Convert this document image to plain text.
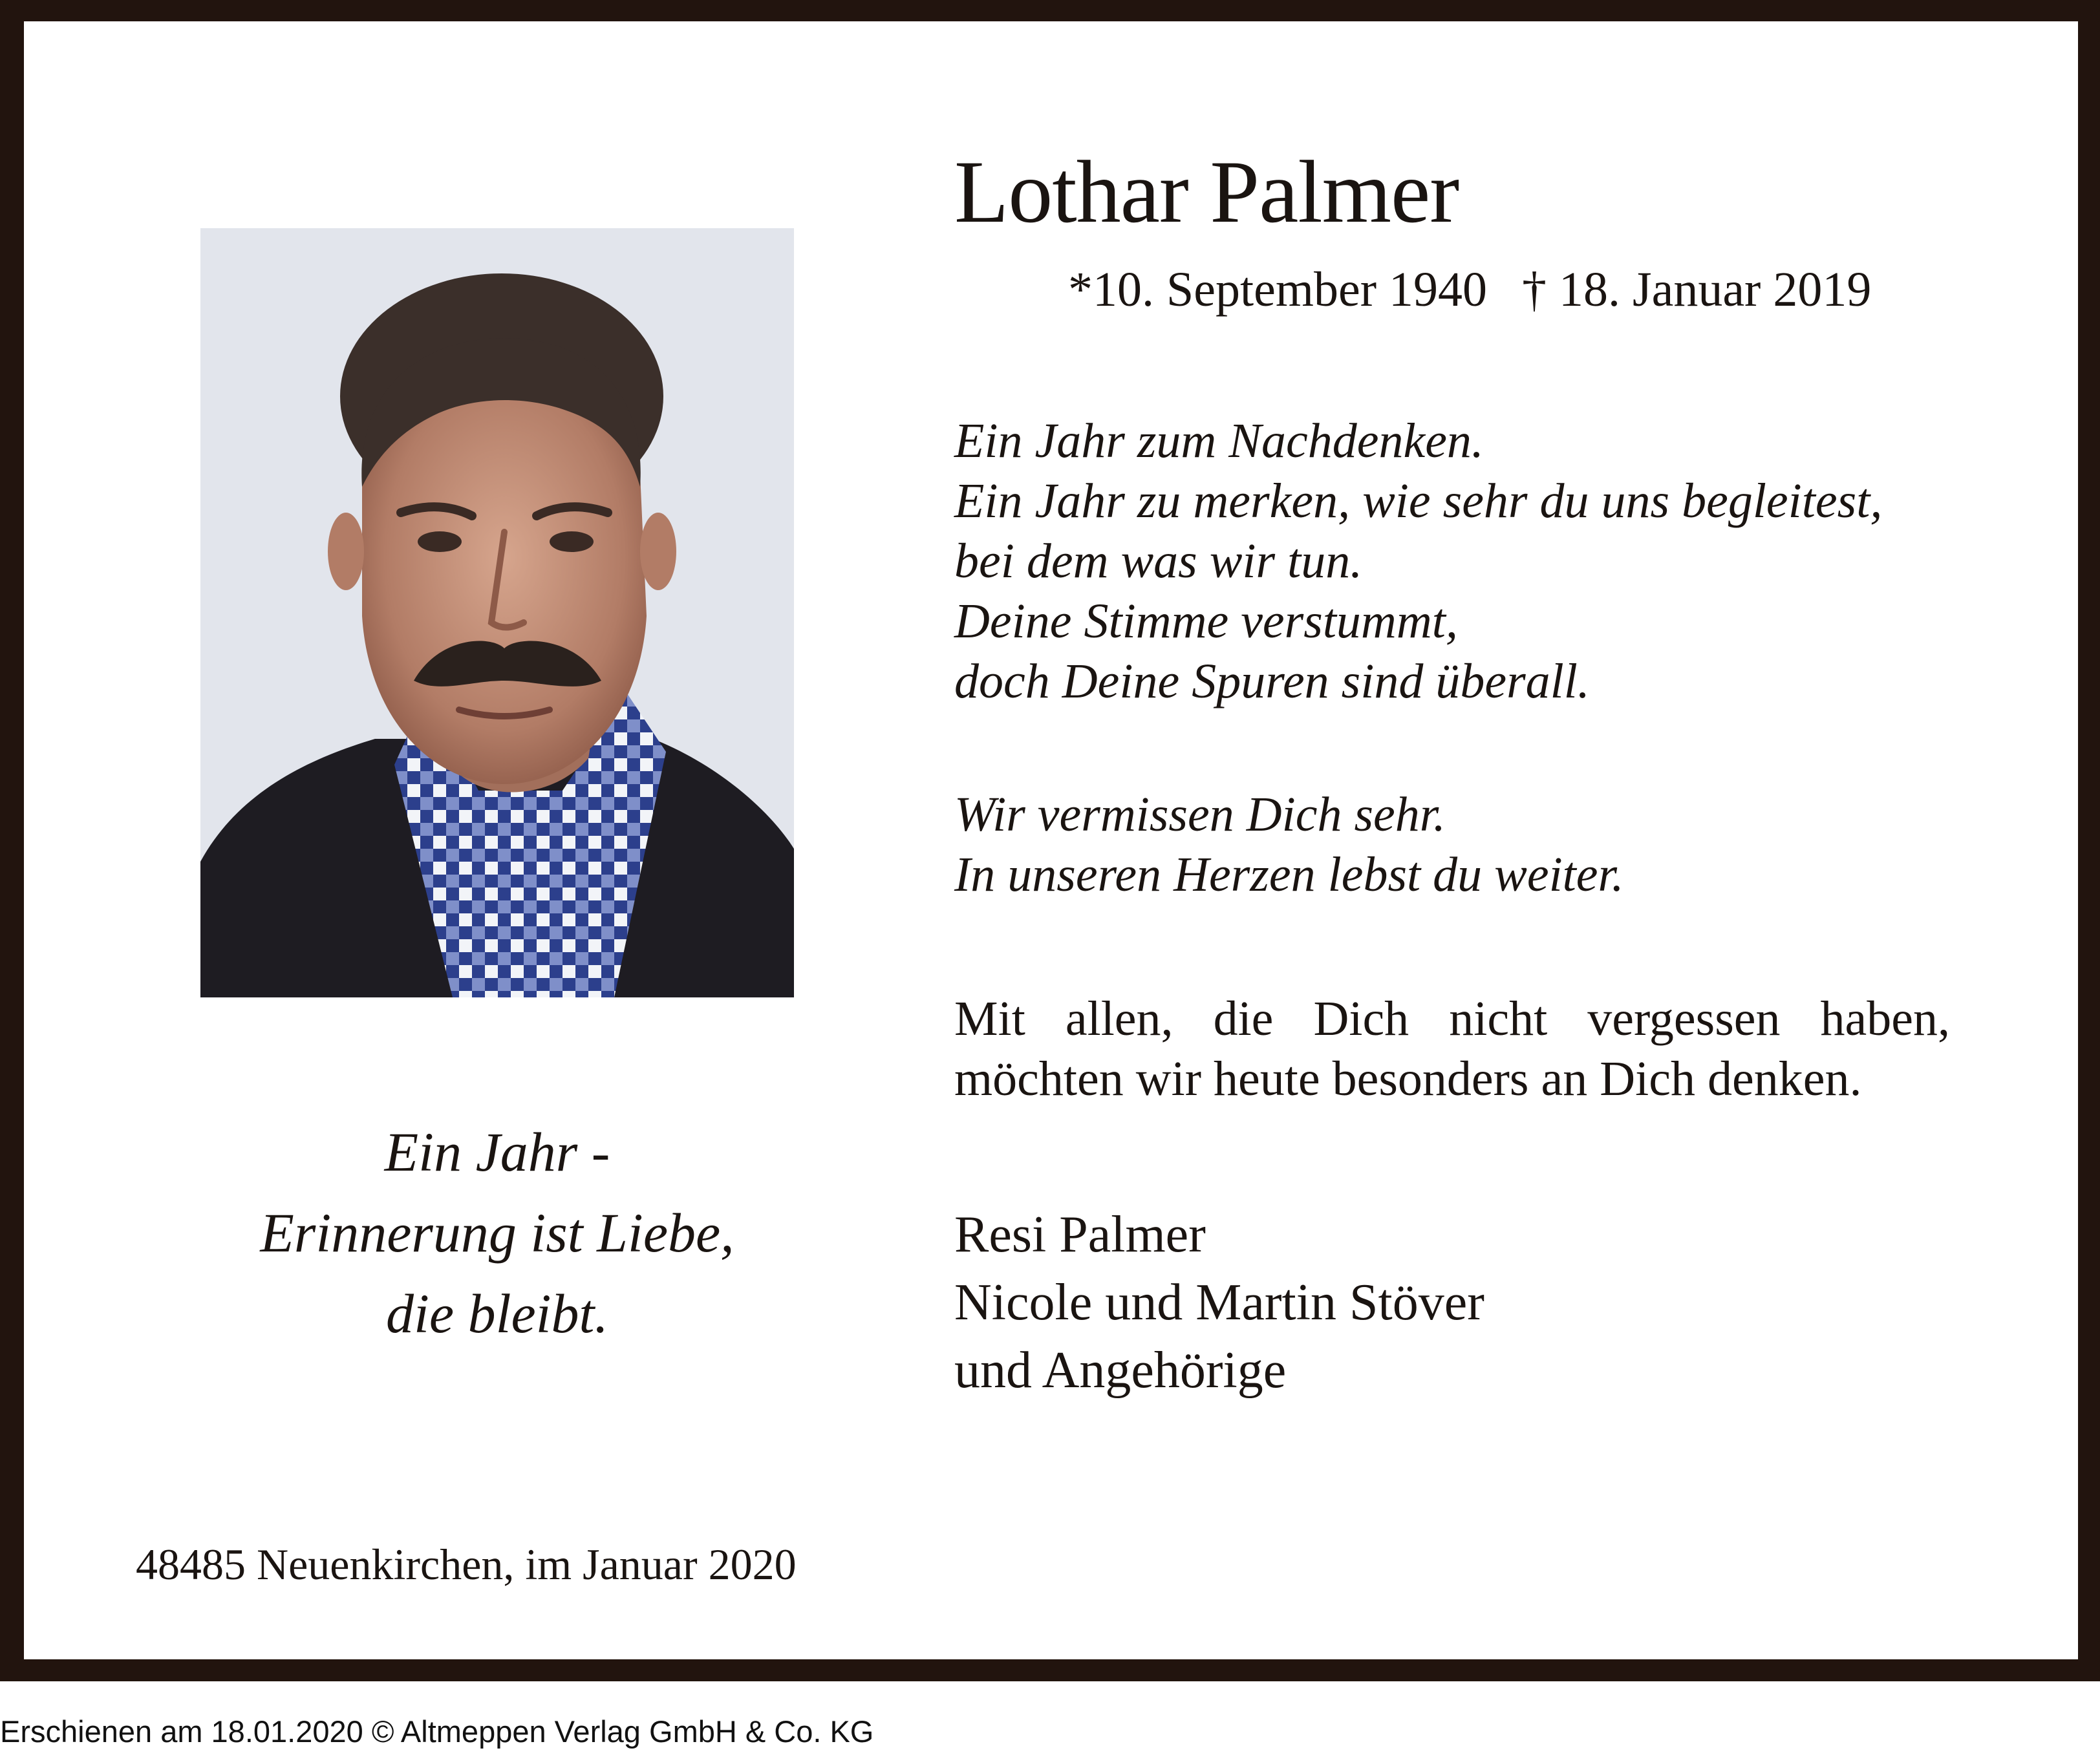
Lothar Palmer
*10. September 1940 † 18. Januar 2019
Ein Jahr zum Nachdenken.
Ein Jahr zu merken, wie sehr du uns begleitest,
bei dem was wir tun.
Deine Stimme verstummt,
doch Deine Spuren sind überall.
Wir vermissen Dich sehr.
In unseren Herzen lebst du weiter.
Mit allen, die Dich nicht vergessen haben,
möchten wir heute besonders an Dich denken.
Resi Palmer
Nicole und Martin Stöver
und Angehörige
Ein Jahr -
Erinnerung ist Liebe,
die bleibt.
48485 Neuenkirchen, im Januar 2020
Erschienen am 18.01.2020 © Altmeppen Verlag GmbH & Co. KG
